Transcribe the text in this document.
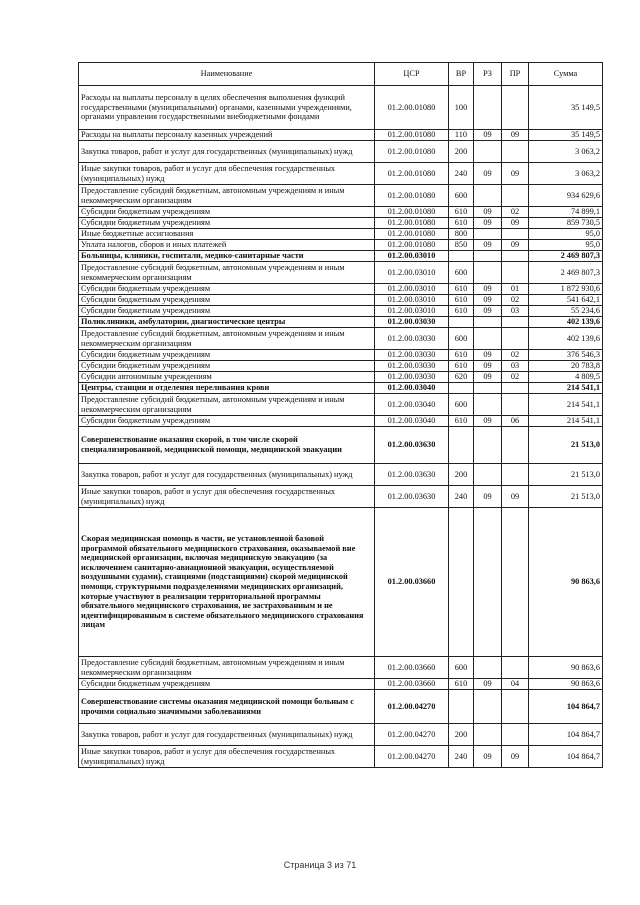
Наименование	ЦСР	ВР	РЗ	ПР	Сумма
Расходы на выплаты персоналу в целях обеспечения выполнения функций государственными (муниципальными) органами, казенными учреждениями, органами управления государственными внебюджетными фондами	01.2.00.01080	100			35 149,5
Расходы на выплаты персоналу казенных учреждений	01.2.00.01080	110	09	09	35 149,5
Закупка товаров, работ и услуг для государственных (муниципальных) нужд	01.2.00.01080	200			3 063,2
Иные закупки товаров, работ и услуг для обеспечения государственных (муниципальных) нужд	01.2.00.01080	240	09	09	3 063,2
Предоставление субсидий бюджетным, автономным учреждениям и иным некоммерческим организациям	01.2.00.01080	600			934 629,6
Субсидии бюджетным учреждениям	01.2.00.01080	610	09	02	74 899,1
Субсидии бюджетным учреждениям	01.2.00.01080	610	09	09	859 730,5
Иные бюджетные ассигнования	01.2.00.01080	800			95,0
Уплата налогов, сборов и иных платежей	01.2.00.01080	850	09	09	95,0
Больницы, клиники, госпитали, медико-санитарные части	01.2.00.03010				2 469 807,3
Предоставление субсидий бюджетным, автономным учреждениям и иным некоммерческим организациям	01.2.00.03010	600			2 469 807,3
Субсидии бюджетным учреждениям	01.2.00.03010	610	09	01	1 872 930,6
Субсидии бюджетным учреждениям	01.2.00.03010	610	09	02	541 642,1
Субсидии бюджетным учреждениям	01.2.00.03010	610	09	03	55 234,6
Поликлиники, амбулатории, диагностические центры	01.2.00.03030				402 139,6
Предоставление субсидий бюджетным, автономным учреждениям и иным некоммерческим организациям	01.2.00.03030	600			402 139,6
Субсидии бюджетным учреждениям	01.2.00.03030	610	09	02	376 546,3
Субсидии бюджетным учреждениям	01.2.00.03030	610	09	03	20 783,8
Субсидии автономным учреждениям	01.2.00.03030	620	09	02	4 809,5
Центры, станции и отделения переливания крови	01.2.00.03040				214 541,1
Предоставление субсидий бюджетным, автономным учреждениям и иным некоммерческим организациям	01.2.00.03040	600			214 541,1
Субсидии бюджетным учреждениям	01.2.00.03040	610	09	06	214 541,1
Совершенствование оказания скорой, в том числе скорой специализированной, медицинской помощи, медицинской эвакуации	01.2.00.03630				21 513,0
Закупка товаров, работ и услуг для государственных (муниципальных) нужд	01.2.00.03630	200			21 513,0
Иные закупки товаров, работ и услуг для обеспечения государственных (муниципальных) нужд	01.2.00.03630	240	09	09	21 513,0
Скорая медицинская помощь в части, не установленной базовой программой обязательного медицинского страхования, оказываемой вне медицинской организации, включая медицинскую эвакуацию (за исключением санитарно-авиационной эвакуации, осуществляемой воздушными судами), станциями (подстанциями) скорой медицинской помощи, структурными подразделениями медицинских организаций, которые участвуют в реализации территориальной программы обязательного медицинского страхования, не застрахованным и не идентифицированным в системе обязательного медицинского страхования лицам	01.2.00.03660				90 863,6
Предоставление субсидий бюджетным, автономным учреждениям и иным некоммерческим организациям	01.2.00.03660	600			90 863,6
Субсидии бюджетным учреждениям	01.2.00.03660	610	09	04	90 863,6
Совершенствование системы оказания медицинской помощи больным с прочими социально значимыми заболеваниями	01.2.00.04270				104 864,7
Закупка товаров, работ и услуг для государственных (муниципальных) нужд	01.2.00.04270	200			104 864,7
Иные закупки товаров, работ и услуг для обеспечения государственных (муниципальных) нужд	01.2.00.04270	240	09	09	104 864,7
Страница 3 из 71
